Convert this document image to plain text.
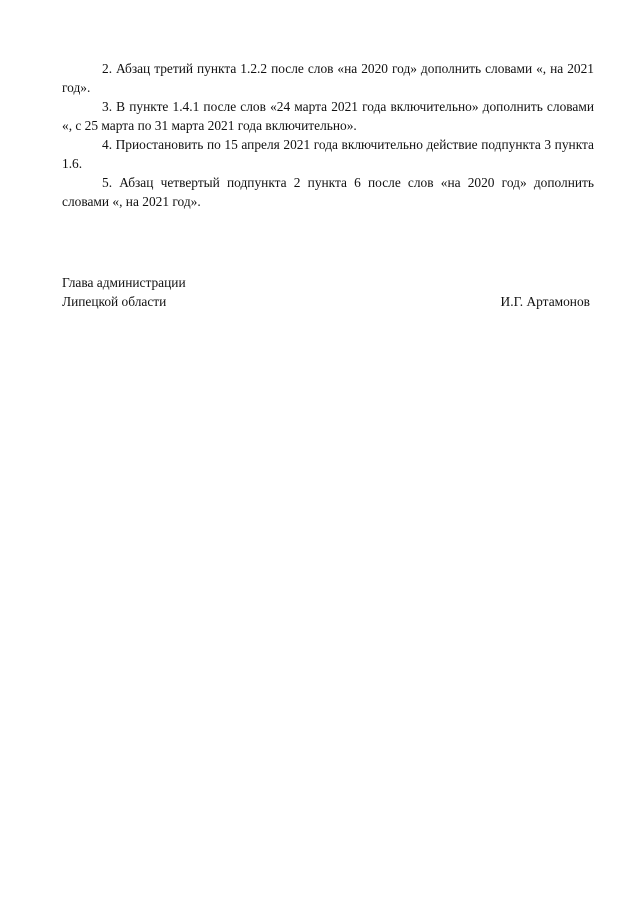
2. Абзац третий пункта 1.2.2 после слов «на 2020 год» дополнить словами «, на 2021 год».

3. В пункте 1.4.1 после слов «24 марта 2021 года включительно» дополнить словами «, с 25 марта по 31 марта 2021 года включительно».

4. Приостановить по 15 апреля 2021 года включительно действие подпункта 3 пункта 1.6.

5. Абзац четвертый подпункта 2 пункта 6 после слов «на 2020 год» дополнить словами «, на 2021 год».

Глава администрации
Липецкой области	И.Г. Артамонов
